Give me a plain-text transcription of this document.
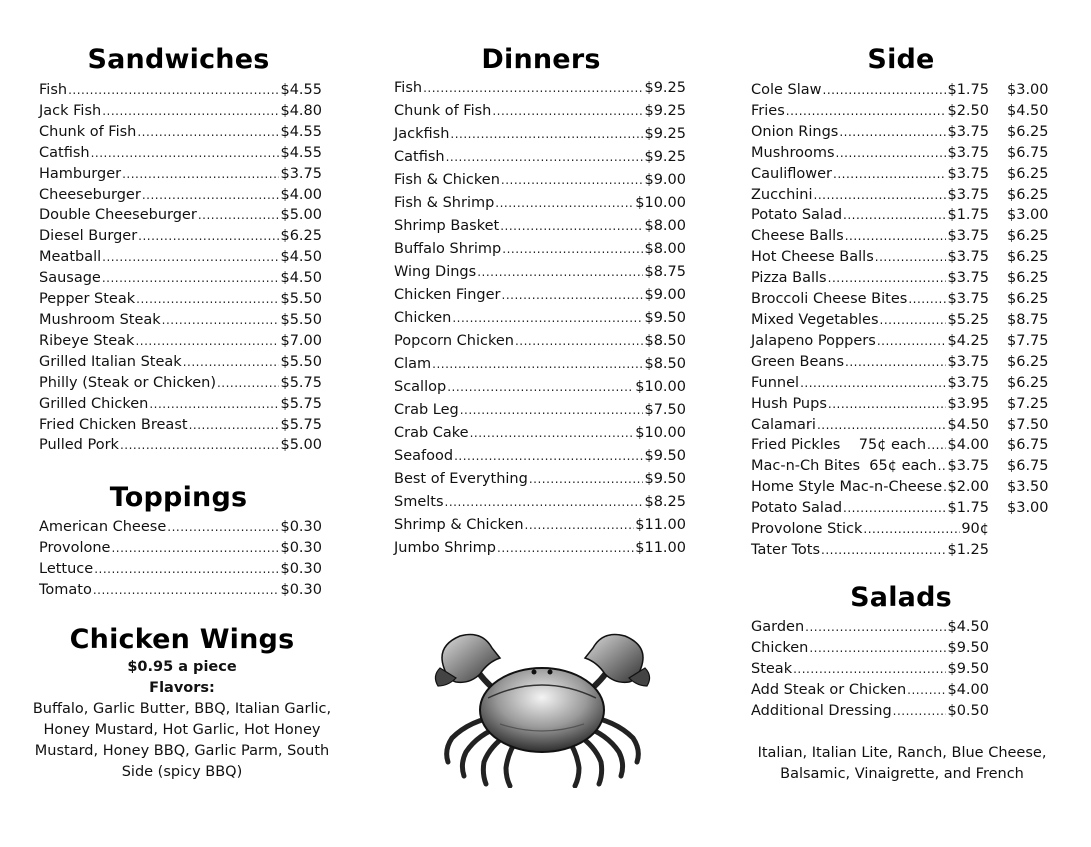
Sandwiches
Fish .....	$4.55
Jack Fish .....	$4.80
Chunk of Fish .....	$4.55
Catfish .....	$4.55
Hamburger .....	$3.75
Cheeseburger .....	$4.00
Double Cheeseburger .....	$5.00
Diesel Burger .....	$6.25
Meatball .....	$4.50
Sausage .....	$4.50
Pepper Steak .....	$5.50
Mushroom Steak .....	$5.50
Ribeye Steak .....	$7.00
Grilled Italian Steak .....	$5.50
Philly (Steak or Chicken) .....	$5.75
Grilled Chicken .....	$5.75
Fried Chicken Breast .....	$5.75
Pulled Pork .....	$5.00
Toppings
American Cheese .....	$0.30
Provolone .....	$0.30
Lettuce .....	$0.30
Tomato .....	$0.30
Chicken Wings
$0.95 a piece
Flavors:
Buffalo, Garlic Butter, BBQ, Italian Garlic,
Honey Mustard, Hot Garlic, Hot Honey
Mustard, Honey BBQ, Garlic Parm, South
Side (spicy BBQ)
Dinners
Fish .....	$9.25
Chunk of Fish .....	$9.25
Jackfish .....	$9.25
Catfish .....	$9.25
Fish & Chicken .....	$9.00
Fish & Shrimp .....	$10.00
Shrimp Basket .....	$8.00
Buffalo Shrimp .....	$8.00
Wing Dings .....	$8.75
Chicken Finger .....	$9.00
Chicken .....	$9.50
Popcorn Chicken .....	$8.50
Clam .....	$8.50
Scallop .....	$10.00
Crab Leg .....	$7.50
Crab Cake .....	$10.00
Seafood .....	$9.50
Best of Everything .....	$9.50
Smelts .....	$8.25
Shrimp & Chicken .....	$11.00
Jumbo Shrimp .....	$11.00
Side
Cole Slaw .....	$1.75 $3.00
Fries .....	$2.50 $4.50
Onion Rings .....	$3.75 $6.25
Mushrooms .....	$3.75 $6.75
Cauliflower .....	$3.75 $6.25
Zucchini .....	$3.75 $6.25
Potato Salad .....	$1.75 $3.00
Cheese Balls .....	$3.75 $6.25
Hot Cheese Balls .....	$3.75 $6.25
Pizza Balls .....	$3.75 $6.25
Broccoli Cheese Bites .....	$3.75 $6.25
Mixed Vegetables .....	$5.25 $8.75
Jalapeno Poppers .....	$4.25 $7.75
Green Beans .....	$3.75 $6.25
Funnel .....	$3.75 $6.25
Hush Pups .....	$3.95 $7.25
Calamari .....	$4.50 $7.50
Fried Pickles    75¢ each ..... $4.00 $6.75
Mac-n-Ch Bites  65¢ each ..... $3.75 $6.75
Home Style Mac-n-Cheese ..... $2.00 $3.50
Potato Salad .....	$1.75 $3.00
Provolone Stick .....	90¢
Tater Tots .....	$1.25
Salads
Garden .....	$4.50
Chicken .....	$9.50
Steak .....	$9.50
Add Steak or Chicken .....	$4.00
Additional Dressing .....	$0.50
Italian, Italian Lite, Ranch, Blue Cheese,
Balsamic, Vinaigrette, and French
